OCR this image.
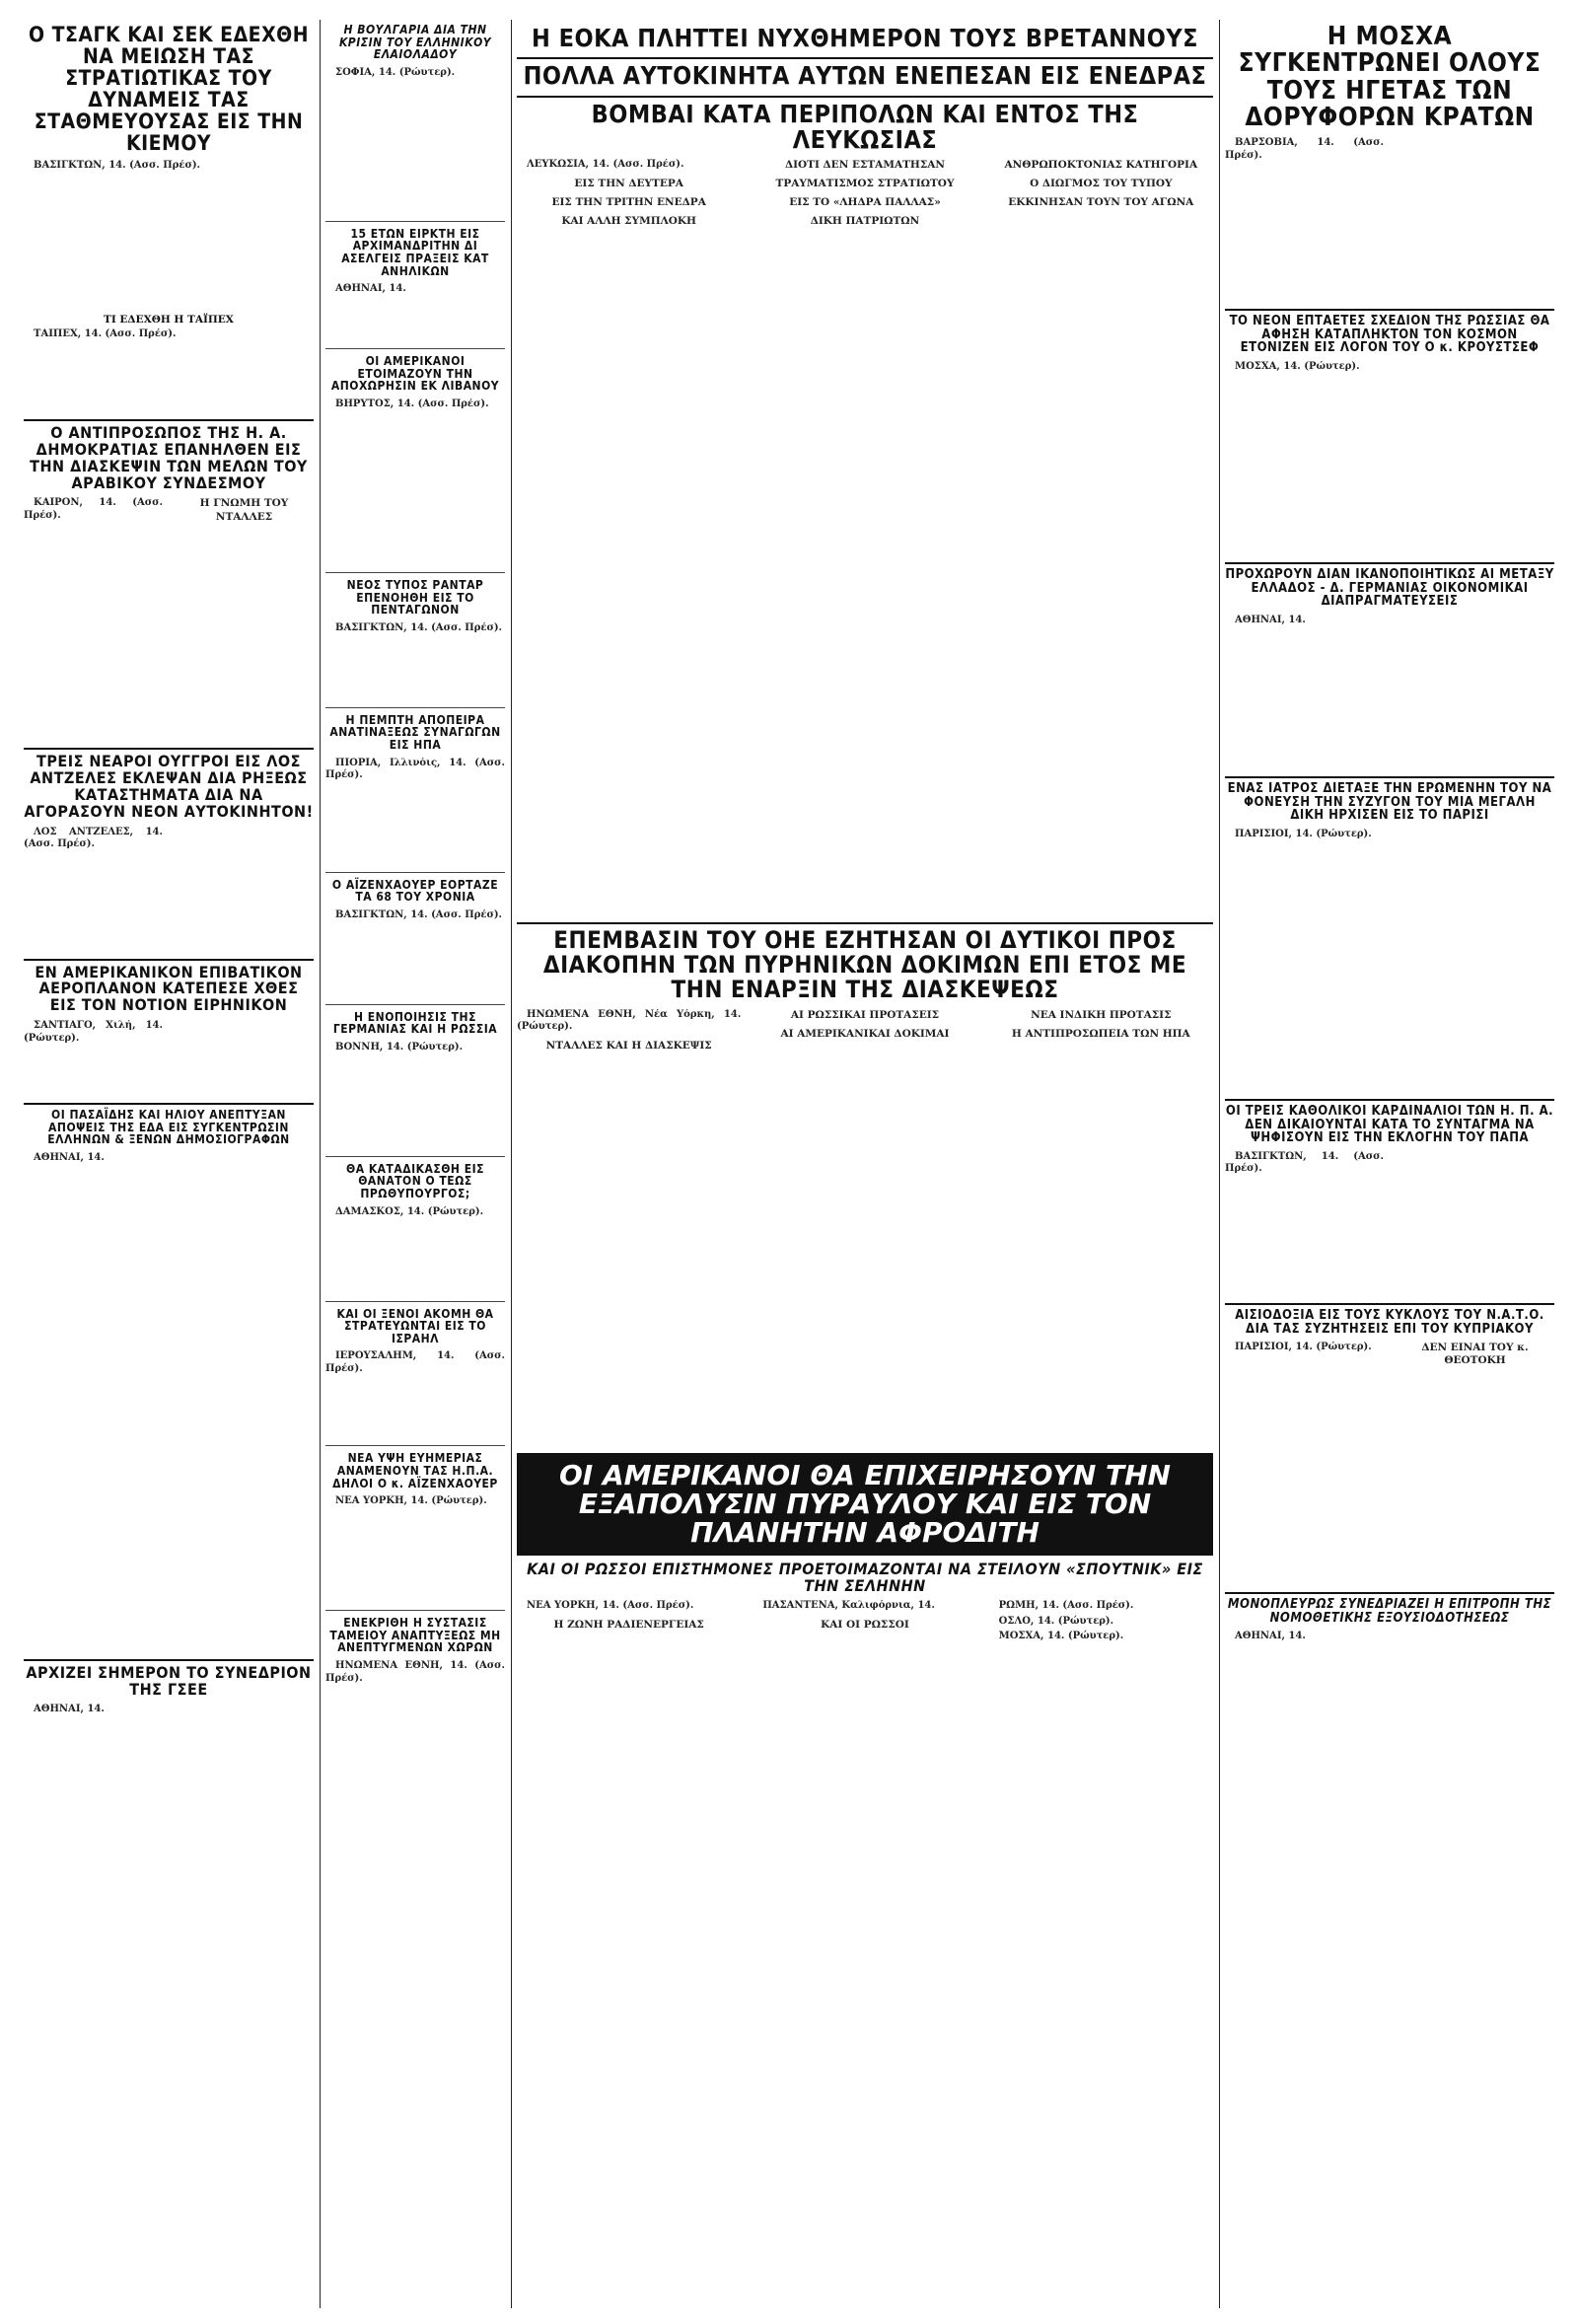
Ο ΤΣΑΓΚ ΚΑΙ ΣΕΚ ΕΔΕΧΘΗ ΝΑ ΜΕΙΩΣΗ ΤΑΣ ΣΤΡΑΤΙΩΤΙΚΑΣ ΤΟΥ ΔΥΝΑΜΕΙΣ ΤΑΣ ΣΤΑΘΜΕΥΟΥΣΑΣ ΕΙΣ ΤΗΝ ΚΙΕΜΟΥ

ΒΑΣΙΓΚΤΩΝ, 14. (Ασσ. Πρέσ).

ΤΙ ΕΔΕΧΘΗ Η ΤΑΪΠΕΧ

ΤΑΪΠΕΧ, 14. (Ασσ. Πρέσ).

Ο ΑΝΤΙΠΡΟΣΩΠΟΣ ΤΗΣ Η. Α. ΔΗΜΟΚΡΑΤΙΑΣ ΕΠΑΝΗΛΘΕΝ ΕΙΣ ΤΗΝ ΔΙΑΣΚΕΨΙΝ ΤΩΝ ΜΕΛΩΝ ΤΟΥ ΑΡΑΒΙΚΟΥ ΣΥΝΔΕΣΜΟΥ

ΚΑΪΡΟΝ, 14. (Ασσ. Πρέσ).

Η ΓΝΩΜΗ ΤΟΥ ΝΤΑΛΛΕΣ
ΤΡΕΙΣ ΝΕΑΡΟΙ ΟΥΓΓΡΟΙ ΕΙΣ ΛΟΣ ΑΝΤΖΕΛΕΣ ΕΚΛΕΨΑΝ ΔΙΑ ΡΗΞΕΩΣ ΚΑΤΑΣΤΗΜΑΤΑ ΔΙΑ ΝΑ ΑΓΟΡΑΣΟΥΝ ΝΕΟΝ ΑΥΤΟΚΙΝΗΤΟΝ!

ΛΟΣ ΑΝΤΖΕΛΕΣ, 14. (Ασσ. Πρέσ).

ΕΝ ΑΜΕΡΙΚΑΝΙΚΟΝ ΕΠΙΒΑΤΙΚΟΝ ΑΕΡΟΠΛΑΝΟΝ ΚΑΤΕΠΕΣΕ ΧΘΕΣ ΕΙΣ ΤΟΝ ΝΟΤΙΟΝ ΕΙΡΗΝΙΚΟΝ

ΣΑΝΤΙΑΓΟ, Χιλή, 14. (Ρώυτερ).

ΟΙ ΠΑΣΑΪΔΗΣ ΚΑΙ ΗΛΙΟΥ ΑΝΕΠΤΥΞΑΝ ΑΠΟΨΕΙΣ ΤΗΣ ΕΔΑ ΕΙΣ ΣΥΓΚΕΝΤΡΩΣΙΝ ΕΛΛΗΝΩΝ & ΞΕΝΩΝ ΔΗΜΟΣΙΟΓΡΑΦΩΝ

ΑΘΗΝΑΙ, 14.

ΑΡΧΙΖΕΙ ΣΗΜΕΡΟΝ ΤΟ ΣΥΝΕΔΡΙΟΝ ΤΗΣ ΓΣΕΕ

ΑΘΗΝΑΙ, 14.

Η ΒΟΥΛΓΑΡΙΑ ΔΙΑ ΤΗΝ ΚΡΙΣΙΝ ΤΟΥ ΕΛΛΗΝΙΚΟΥ ΕΛΑΙΟΛΑΔΟΥ

ΣΟΦΙΑ, 14. (Ρώυτερ).

15 ΕΤΩΝ ΕΙΡΚΤΗ ΕΙΣ ΑΡΧΙΜΑΝΔΡΙΤΗΝ ΔΙ ΑΣΕΛΓΕΙΣ ΠΡΑΞΕΙΣ ΚΑΤ ΑΝΗΛΙΚΩΝ

ΑΘΗΝΑΙ, 14.

ΟΙ ΑΜΕΡΙΚΑΝΟΙ ΕΤΟΙΜΑΖΟΥΝ ΤΗΝ ΑΠΟΧΩΡΗΣΙΝ ΕΚ ΛΙΒΑΝΟΥ

ΒΗΡΥΤΟΣ, 14. (Ασσ. Πρέσ).

ΝΕΟΣ ΤΥΠΟΣ ΡΑΝΤΑΡ ΕΠΕΝΟΗΘΗ ΕΙΣ ΤΟ ΠΕΝΤΑΓΩΝΟΝ

ΒΑΣΙΓΚΤΩΝ, 14. (Ασσ. Πρέσ).

Η ΠΕΜΠΤΗ ΑΠΟΠΕΙΡΑ ΑΝΑΤΙΝΑΞΕΩΣ ΣΥΝΑΓΩΓΩΝ ΕΙΣ ΗΠΑ

ΠΙΟΡΙΑ, Ιλλινόις, 14. (Ασσ. Πρέσ).

Ο ΑΪΖΕΝΧΑΟΥΕΡ ΕΟΡΤΑΖΕ ΤΑ 68 ΤΟΥ ΧΡΟΝΙΑ

ΒΑΣΙΓΚΤΩΝ, 14. (Ασσ. Πρέσ).

Η ΕΝΟΠΟΙΗΣΙΣ ΤΗΣ ΓΕΡΜΑΝΙΑΣ ΚΑΙ Η ΡΩΣΣΙΑ

ΒΟΝΝΗ, 14. (Ρώυτερ).

ΘΑ ΚΑΤΑΔΙΚΑΣΘΗ ΕΙΣ ΘΑΝΑΤΟΝ Ο ΤΕΩΣ ΠΡΩΘΥΠΟΥΡΓΟΣ;

ΔΑΜΑΣΚΟΣ, 14. (Ρώυτερ).

ΚΑΙ ΟΙ ΞΕΝΟΙ ΑΚΟΜΗ ΘΑ ΣΤΡΑΤΕΥΩΝΤΑΙ ΕΙΣ ΤΟ ΙΣΡΑΗΛ

ΙΕΡΟΥΣΑΛΗΜ, 14. (Ασσ. Πρέσ).

ΝΕΑ ΥΨΗ ΕΥΗΜΕΡΙΑΣ ΑΝΑΜΕΝΟΥΝ ΤΑΣ Η.Π.Α. ΔΗΛΟΙ Ο κ. ΑΪΖΕΝΧΑΟΥΕΡ

ΝΕΑ ΥΟΡΚΗ, 14. (Ρώυτερ).

ΕΝΕΚΡΙΘΗ Η ΣΥΣΤΑΣΙΣ ΤΑΜΕΙΟΥ ΑΝΑΠΤΥΞΕΩΣ ΜΗ ΑΝΕΠΤΥΓΜΕΝΩΝ ΧΩΡΩΝ

ΗΝΩΜΕΝΑ ΕΘΝΗ, 14. (Ασσ. Πρέσ).

Η ΕΟΚΑ ΠΛΗΤΤΕΙ ΝΥΧΘΗΜΕΡΟΝ ΤΟΥΣ ΒΡΕΤΑΝΝΟΥΣ
ΠΟΛΛΑ ΑΥΤΟΚΙΝΗΤΑ ΑΥΤΩΝ ΕΝΕΠΕΣΑΝ ΕΙΣ ΕΝΕΔΡΑΣ
ΒΟΜΒΑΙ ΚΑΤΑ ΠΕΡΙΠΟΛΩΝ ΚΑΙ ΕΝΤΟΣ ΤΗΣ ΛΕΥΚΩΣΙΑΣ

ΛΕΥΚΩΣΙΑ, 14. (Ασσ. Πρέσ).

ΕΙΣ ΤΗΝ ΔΕΥΤΕΡΑ
ΕΙΣ ΤΗΝ ΤΡΙΤΗΝ ΕΝΕΔΡΑ
ΚΑΙ ΑΛΛΗ ΣΥΜΠΛΟΚΗ
ΔΙΟΤΙ ΔΕΝ ΕΣΤΑΜΑΤΗΣΑΝ
ΤΡΑΥΜΑΤΙΣΜΟΣ ΣΤΡΑΤΙΩΤΟΥ
ΕΙΣ ΤΟ «ΛΗΔΡΑ ΠΑΛΛΑΣ»
ΔΙΚΗ ΠΑΤΡΙΩΤΩΝ
ΑΝΘΡΩΠΟΚΤΟΝΙΑΣ ΚΑΤΗΓΟΡΙΑ
Ο ΔΙΩΓΜΟΣ ΤΟΥ ΤΥΠΟΥ
ΕΚΚΙΝΗΣΑΝ ΤΟΥΝ ΤΟΥ ΑΓΩΝΑ
ΕΠΕΜΒΑΣΙΝ ΤΟΥ ΟΗΕ ΕΖΗΤΗΣΑΝ ΟΙ ΔΥΤΙΚΟΙ ΠΡΟΣ ΔΙΑΚΟΠΗΝ ΤΩΝ ΠΥΡΗΝΙΚΩΝ ΔΟΚΙΜΩΝ ΕΠΙ ΕΤΟΣ ΜΕ ΤΗΝ ΕΝΑΡΞΙΝ ΤΗΣ ΔΙΑΣΚΕΨΕΩΣ

ΗΝΩΜΕΝΑ ΕΘΝΗ, Νέα Υόρκη, 14. (Ρώυτερ).

ΝΤΑΛΛΕΣ ΚΑΙ Η ΔΙΑΣΚΕΨΙΣ
ΑΙ ΡΩΣΣΙΚΑΙ ΠΡΟΤΑΣΕΙΣ
ΑΙ ΑΜΕΡΙΚΑΝΙΚΑΙ ΔΟΚΙΜΑΙ
ΝΕΑ ΙΝΔΙΚΗ ΠΡΟΤΑΣΙΣ
Η ΑΝΤΙΠΡΟΣΩΠΕΙΑ ΤΩΝ ΗΠΑ
ΟΙ ΑΜΕΡΙΚΑΝΟΙ ΘΑ ΕΠΙΧΕΙΡΗΣΟΥΝ ΤΗΝ ΕΞΑΠΟΛΥΣΙΝ ΠΥΡΑΥΛΟΥ ΚΑΙ ΕΙΣ ΤΟΝ ΠΛΑΝΗΤΗΝ ΑΦΡΟΔΙΤΗ
ΚΑΙ ΟΙ ΡΩΣΣΟΙ ΕΠΙΣΤΗΜΟΝΕΣ ΠΡΟΕΤΟΙΜΑΖΟΝΤΑΙ ΝΑ ΣΤΕΙΛΟΥΝ «ΣΠΟΥΤΝΙΚ» ΕΙΣ ΤΗΝ ΣΕΛΗΝΗΝ

ΝΕΑ ΥΟΡΚΗ, 14. (Ασσ. Πρέσ).

Η ΖΩΝΗ ΡΑΔΙΕΝΕΡΓΕΙΑΣ

ΠΑΣΑΝΤΕΝΑ, Καλιφόρνια, 14.

ΚΑΙ ΟΙ ΡΩΣΣΟΙ

ΡΩΜΗ, 14. (Ασσ. Πρέσ).

ΟΣΛΟ, 14. (Ρώυτερ).

ΜΟΣΧΑ, 14. (Ρώυτερ).

Η ΜΟΣΧΑ ΣΥΓΚΕΝΤΡΩΝΕΙ ΟΛΟΥΣ ΤΟΥΣ ΗΓΕΤΑΣ ΤΩΝ ΔΟΡΥΦΟΡΩΝ ΚΡΑΤΩΝ

ΒΑΡΣΟΒΙΑ, 14. (Ασσ. Πρέσ).

ΤΟ ΝΕΟΝ ΕΠΤΑΕΤΕΣ ΣΧΕΔΙΟΝ ΤΗΣ ΡΩΣΣΙΑΣ ΘΑ ΑΦΗΣΗ ΚΑΤΑΠΛΗΚΤΟΝ ΤΟΝ ΚΟΣΜΟΝ ΕΤΟΝΙΖΕΝ ΕΙΣ ΛΟΓΟΝ ΤΟΥ Ο κ. ΚΡΟΥΣΤΣΕΦ

ΜΟΣΧΑ, 14. (Ρώυτερ).

ΠΡΟΧΩΡΟΥΝ ΔΙΑΝ ΙΚΑΝΟΠΟΙΗΤΙΚΩΣ ΑΙ ΜΕΤΑΞΥ ΕΛΛΑΔΟΣ - Δ. ΓΕΡΜΑΝΙΑΣ ΟΙΚΟΝΟΜΙΚΑΙ ΔΙΑΠΡΑΓΜΑΤΕΥΣΕΙΣ

ΑΘΗΝΑΙ, 14.

ΕΝΑΣ ΙΑΤΡΟΣ ΔΙΕΤΑΞΕ ΤΗΝ ΕΡΩΜΕΝΗΝ ΤΟΥ ΝΑ ΦΟΝΕΥΣΗ ΤΗΝ ΣΥΖΥΓΟΝ ΤΟΥ ΜΙΑ ΜΕΓΑΛΗ ΔΙΚΗ ΗΡΧΙΣΕΝ ΕΙΣ ΤΟ ΠΑΡΙΣΙ

ΠΑΡΙΣΙΟΙ, 14. (Ρώυτερ).

ΟΙ ΤΡΕΙΣ ΚΑΘΟΛΙΚΟΙ ΚΑΡΔΙΝΑΛΙΟΙ ΤΩΝ Η. Π. Α. ΔΕΝ ΔΙΚΑΙΟΥΝΤΑΙ ΚΑΤΑ ΤΟ ΣΥΝΤΑΓΜΑ ΝΑ ΨΗΦΙΣΟΥΝ ΕΙΣ ΤΗΝ ΕΚΛΟΓΗΝ ΤΟΥ ΠΑΠΑ

ΒΑΣΙΓΚΤΩΝ, 14. (Ασσ. Πρέσ).

ΑΙΣΙΟΔΟΞΙΑ ΕΙΣ ΤΟΥΣ ΚΥΚΛΟΥΣ ΤΟΥ Ν.Α.Τ.Ο. ΔΙΑ ΤΑΣ ΣΥΖΗΤΗΣΕΙΣ ΕΠΙ ΤΟΥ ΚΥΠΡΙΑΚΟΥ

ΠΑΡΙΣΙΟΙ, 14. (Ρώυτερ).	ΔΕΝ ΕΙΝΑΙ ΤΟΥ κ. ΘΕΟΤΟΚΗ
ΜΟΝΟΠΛΕΥΡΩΣ ΣΥΝΕΔΡΙΑΖΕΙ Η ΕΠΙΤΡΟΠΗ ΤΗΣ ΝΟΜΟΘΕΤΙΚΗΣ ΕΞΟΥΣΙΟΔΟΤΗΣΕΩΣ

ΑΘΗΝΑΙ, 14.
